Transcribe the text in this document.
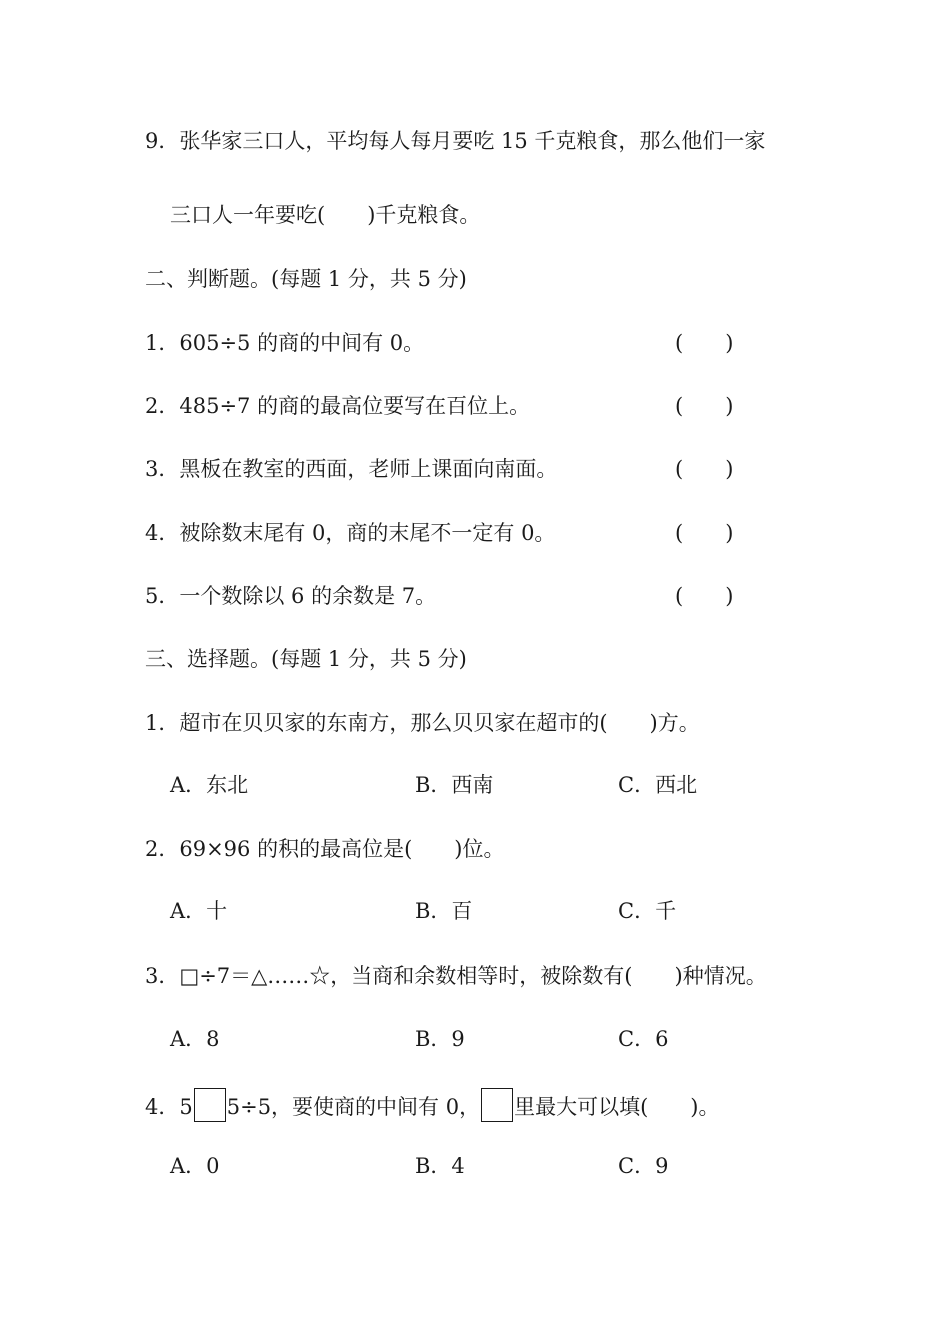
9．张华家三口人，平均每人每月要吃 15 千克粮食，那么他们一家
三口人一年要吃(　　)千克粮食。
二、判断题。(每题 1 分，共 5 分)
1．605÷5 的商的中间有 0。	(　　)
2．485÷7 的商的最高位要写在百位上。	(　　)
3．黑板在教室的西面，老师上课面向南面。	(　　)
4．被除数末尾有 0，商的末尾不一定有 0。	(　　)
5．一个数除以 6 的余数是 7。	(　　)
三、选择题。(每题 1 分，共 5 分)
1．超市在贝贝家的东南方，那么贝贝家在超市的(　　)方。
A．东北	B．西南	C．西北
2．69×96 的积的最高位是(　　)位。
A．十	B．百	C．千
3．□÷7＝△……☆，当商和余数相等时，被除数有(　　)种情况。
A．8	B．9	C．6
4．5 5÷5，要使商的中间有 0， 里最大可以填(　　)。
A．0	B．4	C．9
